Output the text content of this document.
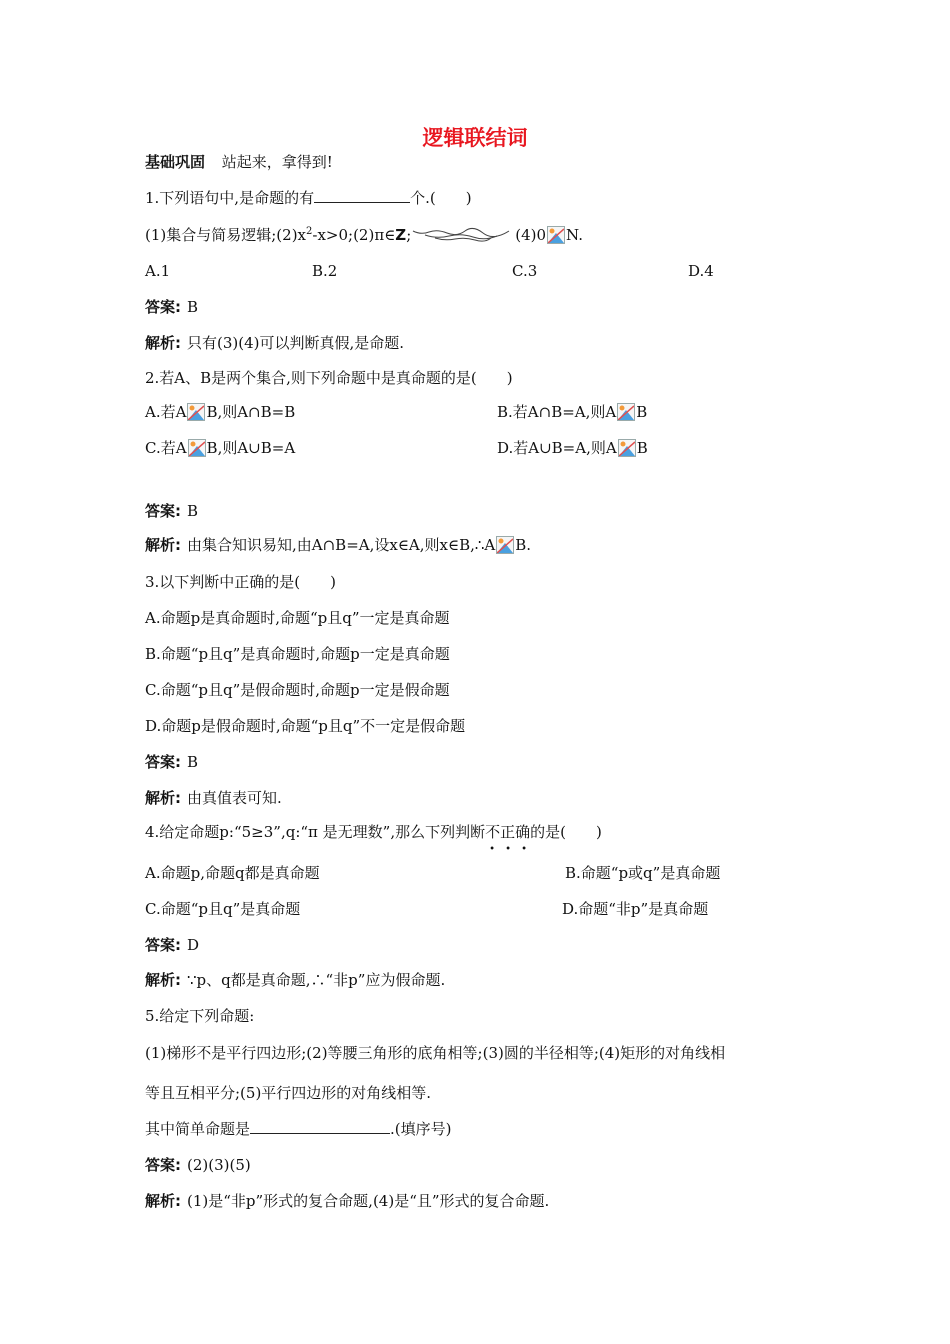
逻辑联结词
基础巩固 站起来，拿得到!
1.下列语句中,是命题的有	个.(　　)
(1)集合与简易逻辑$;(2)x^2-x>0;(2)\pi\in Z$;	(4)0 N.
A.1	B.2	C.3	D.4
答案: B
解析: 只有(3)(4)可以判断真假,是命题.
2.若A、B是两个集合,则下列命题中是真命题的是(　　)
A.若A B,则A∩B=B	B.若A∩B=A,则A B
C.若A B,则A∪B=A	D.若A∪B=A,则A B
答案: B
解析: 由集合知识易知,由A∩B=A,设x∈A,则x∈B,∴A B.
3.以下判断中正确的是(　　)
A.命题p是真命题时,命题“p且q”一定是真命题
B.命题“p且q”是真命题时,命题p一定是真命题
C.命题“p且q”是假命题时,命题p一定是假命题
D.命题p是假命题时,命题“p且q”不一定是假命题
答案: B
解析: 由真值表可知.
4.给定命题p:“5≥3”,q:“π 是无理数”,那么下列判断不正确
• • •
的是(　　)
A.命题p,命题q都是真命题	B.命题“p或q”是真命题
C.命题“p且q”是真命题	D.命题“非p”是真命题
答案: D
解析: ∵p、q都是真命题,∴“非p”应为假命题.
5.给定下列命题:
(1)梯形不是平行四边形;(2)等腰三角形的底角相等;(3)圆的半径相等;(4)矩形的对角线相
等且互相平分;(5)平行四边形的对角线相等.
其中简单命题是	.(填序号)
答案: (2)(3)(5)
解析: (1)是“非p”形式的复合命题,(4)是“且”形式的复合命题.
